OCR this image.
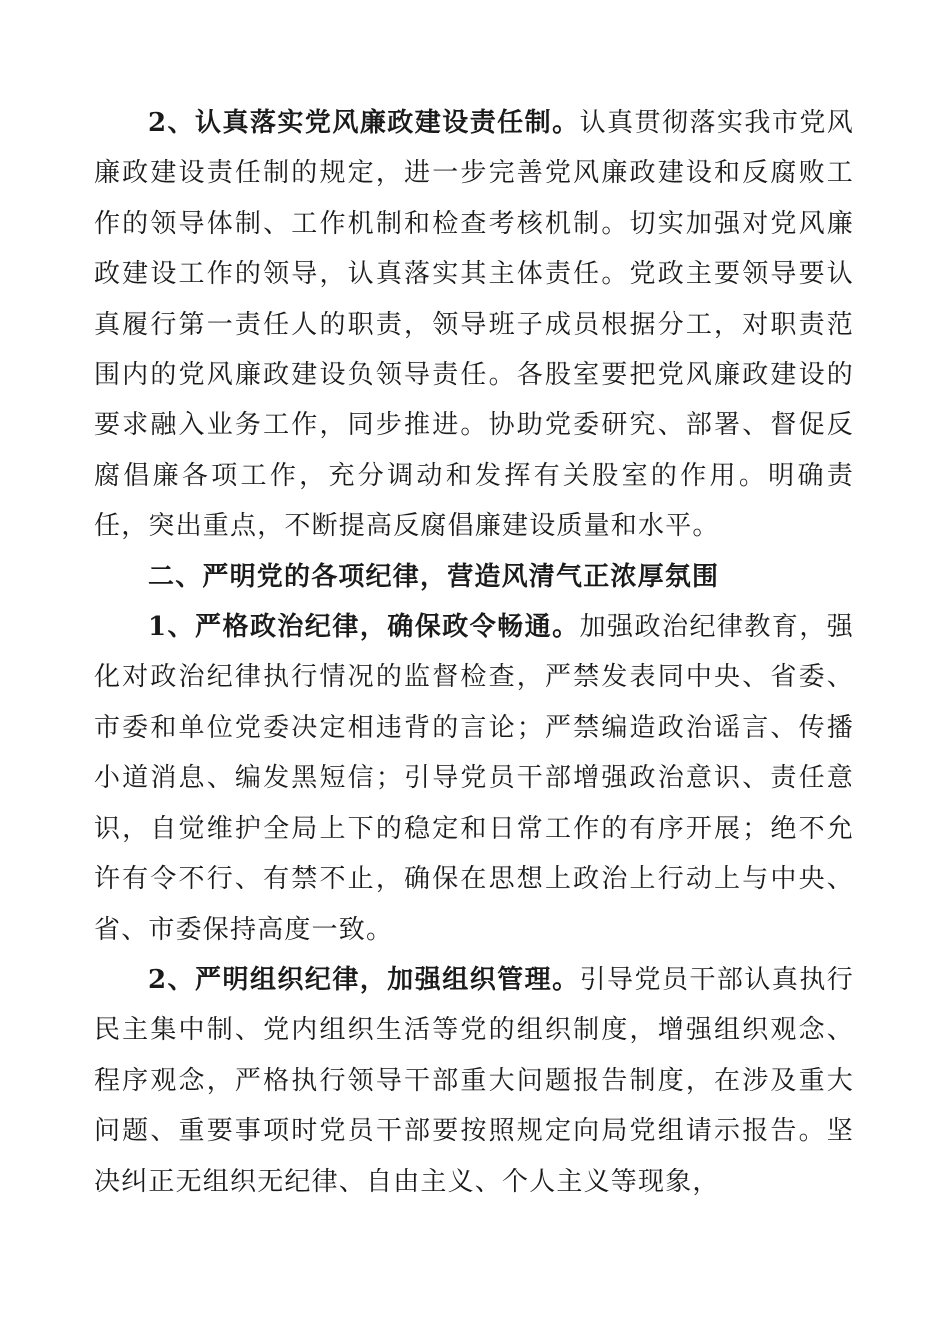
2、认真落实党风廉政建设责任制。认真贯彻落实我市党风廉政建设责任制的规定，进一步完善党风廉政建设和反腐败工作的领导体制、工作机制和检查考核机制。切实加强对党风廉政建设工作的领导，认真落实其主体责任。党政主要领导要认真履行第一责任人的职责，领导班子成员根据分工，对职责范围内的党风廉政建设负领导责任。各股室要把党风廉政建设的要求融入业务工作，同步推进。协助党委研究、部署、督促反腐倡廉各项工作，充分调动和发挥有关股室的作用。明确责任，突出重点，不断提高反腐倡廉建设质量和水平。

二、严明党的各项纪律，营造风清气正浓厚氛围

1、严格政治纪律，确保政令畅通。加强政治纪律教育，强化对政治纪律执行情况的监督检查，严禁发表同中央、省委、市委和单位党委决定相违背的言论；严禁编造政治谣言、传播小道消息、编发黑短信；引导党员干部增强政治意识、责任意识，自觉维护全局上下的稳定和日常工作的有序开展；绝不允许有令不行、有禁不止，确保在思想上政治上行动上与中央、省、市委保持高度一致。

2、严明组织纪律，加强组织管理。引导党员干部认真执行民主集中制、党内组织生活等党的组织制度，增强组织观念、程序观念，严格执行领导干部重大问题报告制度，在涉及重大问题、重要事项时党员干部要按照规定向局党组请示报告。坚决纠正无组织无纪律、自由主义、个人主义等现象，
